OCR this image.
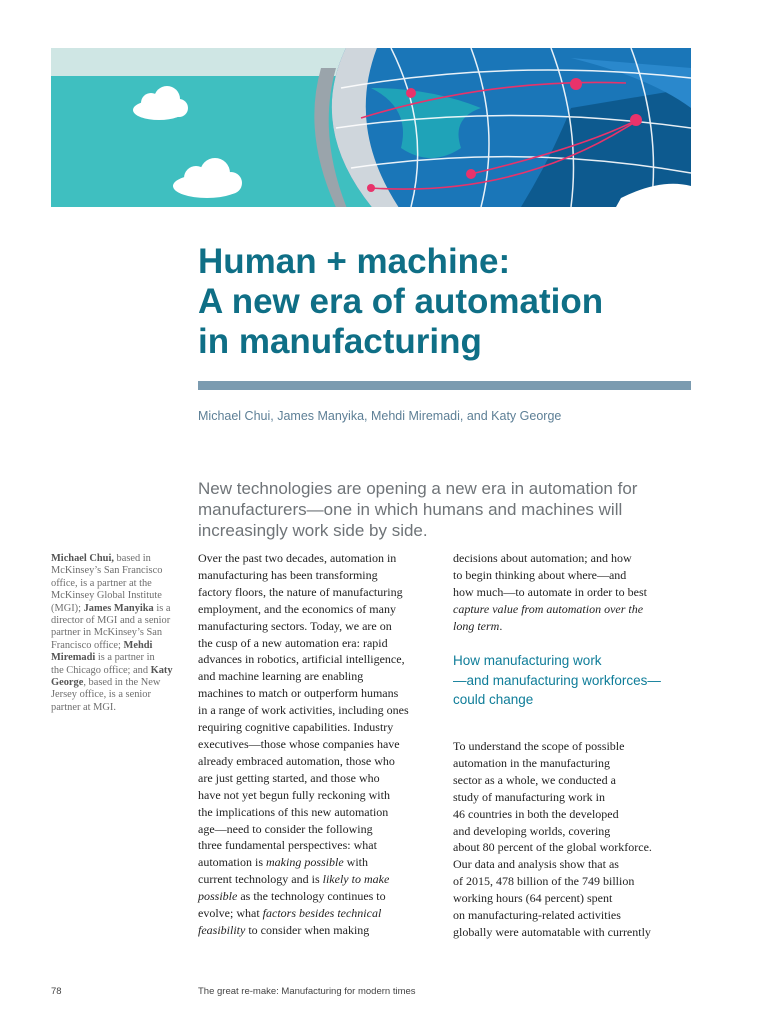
Human + machine:
A new era of automation
in manufacturing
Michael Chui, James Manyika, Mehdi Miremadi, and Katy George
New technologies are opening a new era in automation for
manufacturers—one in which humans and machines will
increasingly work side by side.
Michael Chui, based in
McKinsey’s San Francisco
office, is a partner at the
McKinsey Global Institute
(MGI); James Manyika is a
director of MGI and a senior
partner in McKinsey’s San
Francisco office; Mehdi
Miremadi is a partner in
the Chicago office; and Katy
George, based in the New
Jersey office, is a senior
partner at MGI.
Over the past two decades, automation in
manufacturing has been transforming
factory floors, the nature of manufacturing
employment, and the economics of many
manufacturing sectors. Today, we are on
the cusp of a new automation era: rapid
advances in robotics, artificial intelligence,
and machine learning are enabling
machines to match or outperform humans
in a range of work activities, including ones
requiring cognitive capabilities. Industry
executives—those whose companies have
already embraced automation, those who
are just getting started, and those who
have not yet begun fully reckoning with
the implications of this new automation
age—need to consider the following
three fundamental perspectives: what
automation is making possible with
current technology and is likely to make
possible as the technology continues to
evolve; what factors besides technical
feasibility to consider when making
decisions about automation; and how
to begin thinking about where—and
how much—to automate in order to best
capture value from automation over the
long term.
How manufacturing work
—and manufacturing workforces—
could change
To understand the scope of possible
automation in the manufacturing
sector as a whole, we conducted a
study of manufacturing work in
46 countries in both the developed
and developing worlds, covering
about 80 percent of the global workforce.
Our data and analysis show that as
of 2015, 478 billion of the 749 billion
working hours (64 percent) spent
on manufacturing-related activities
globally were automatable with currently
78	The great re-make: Manufacturing for modern times
